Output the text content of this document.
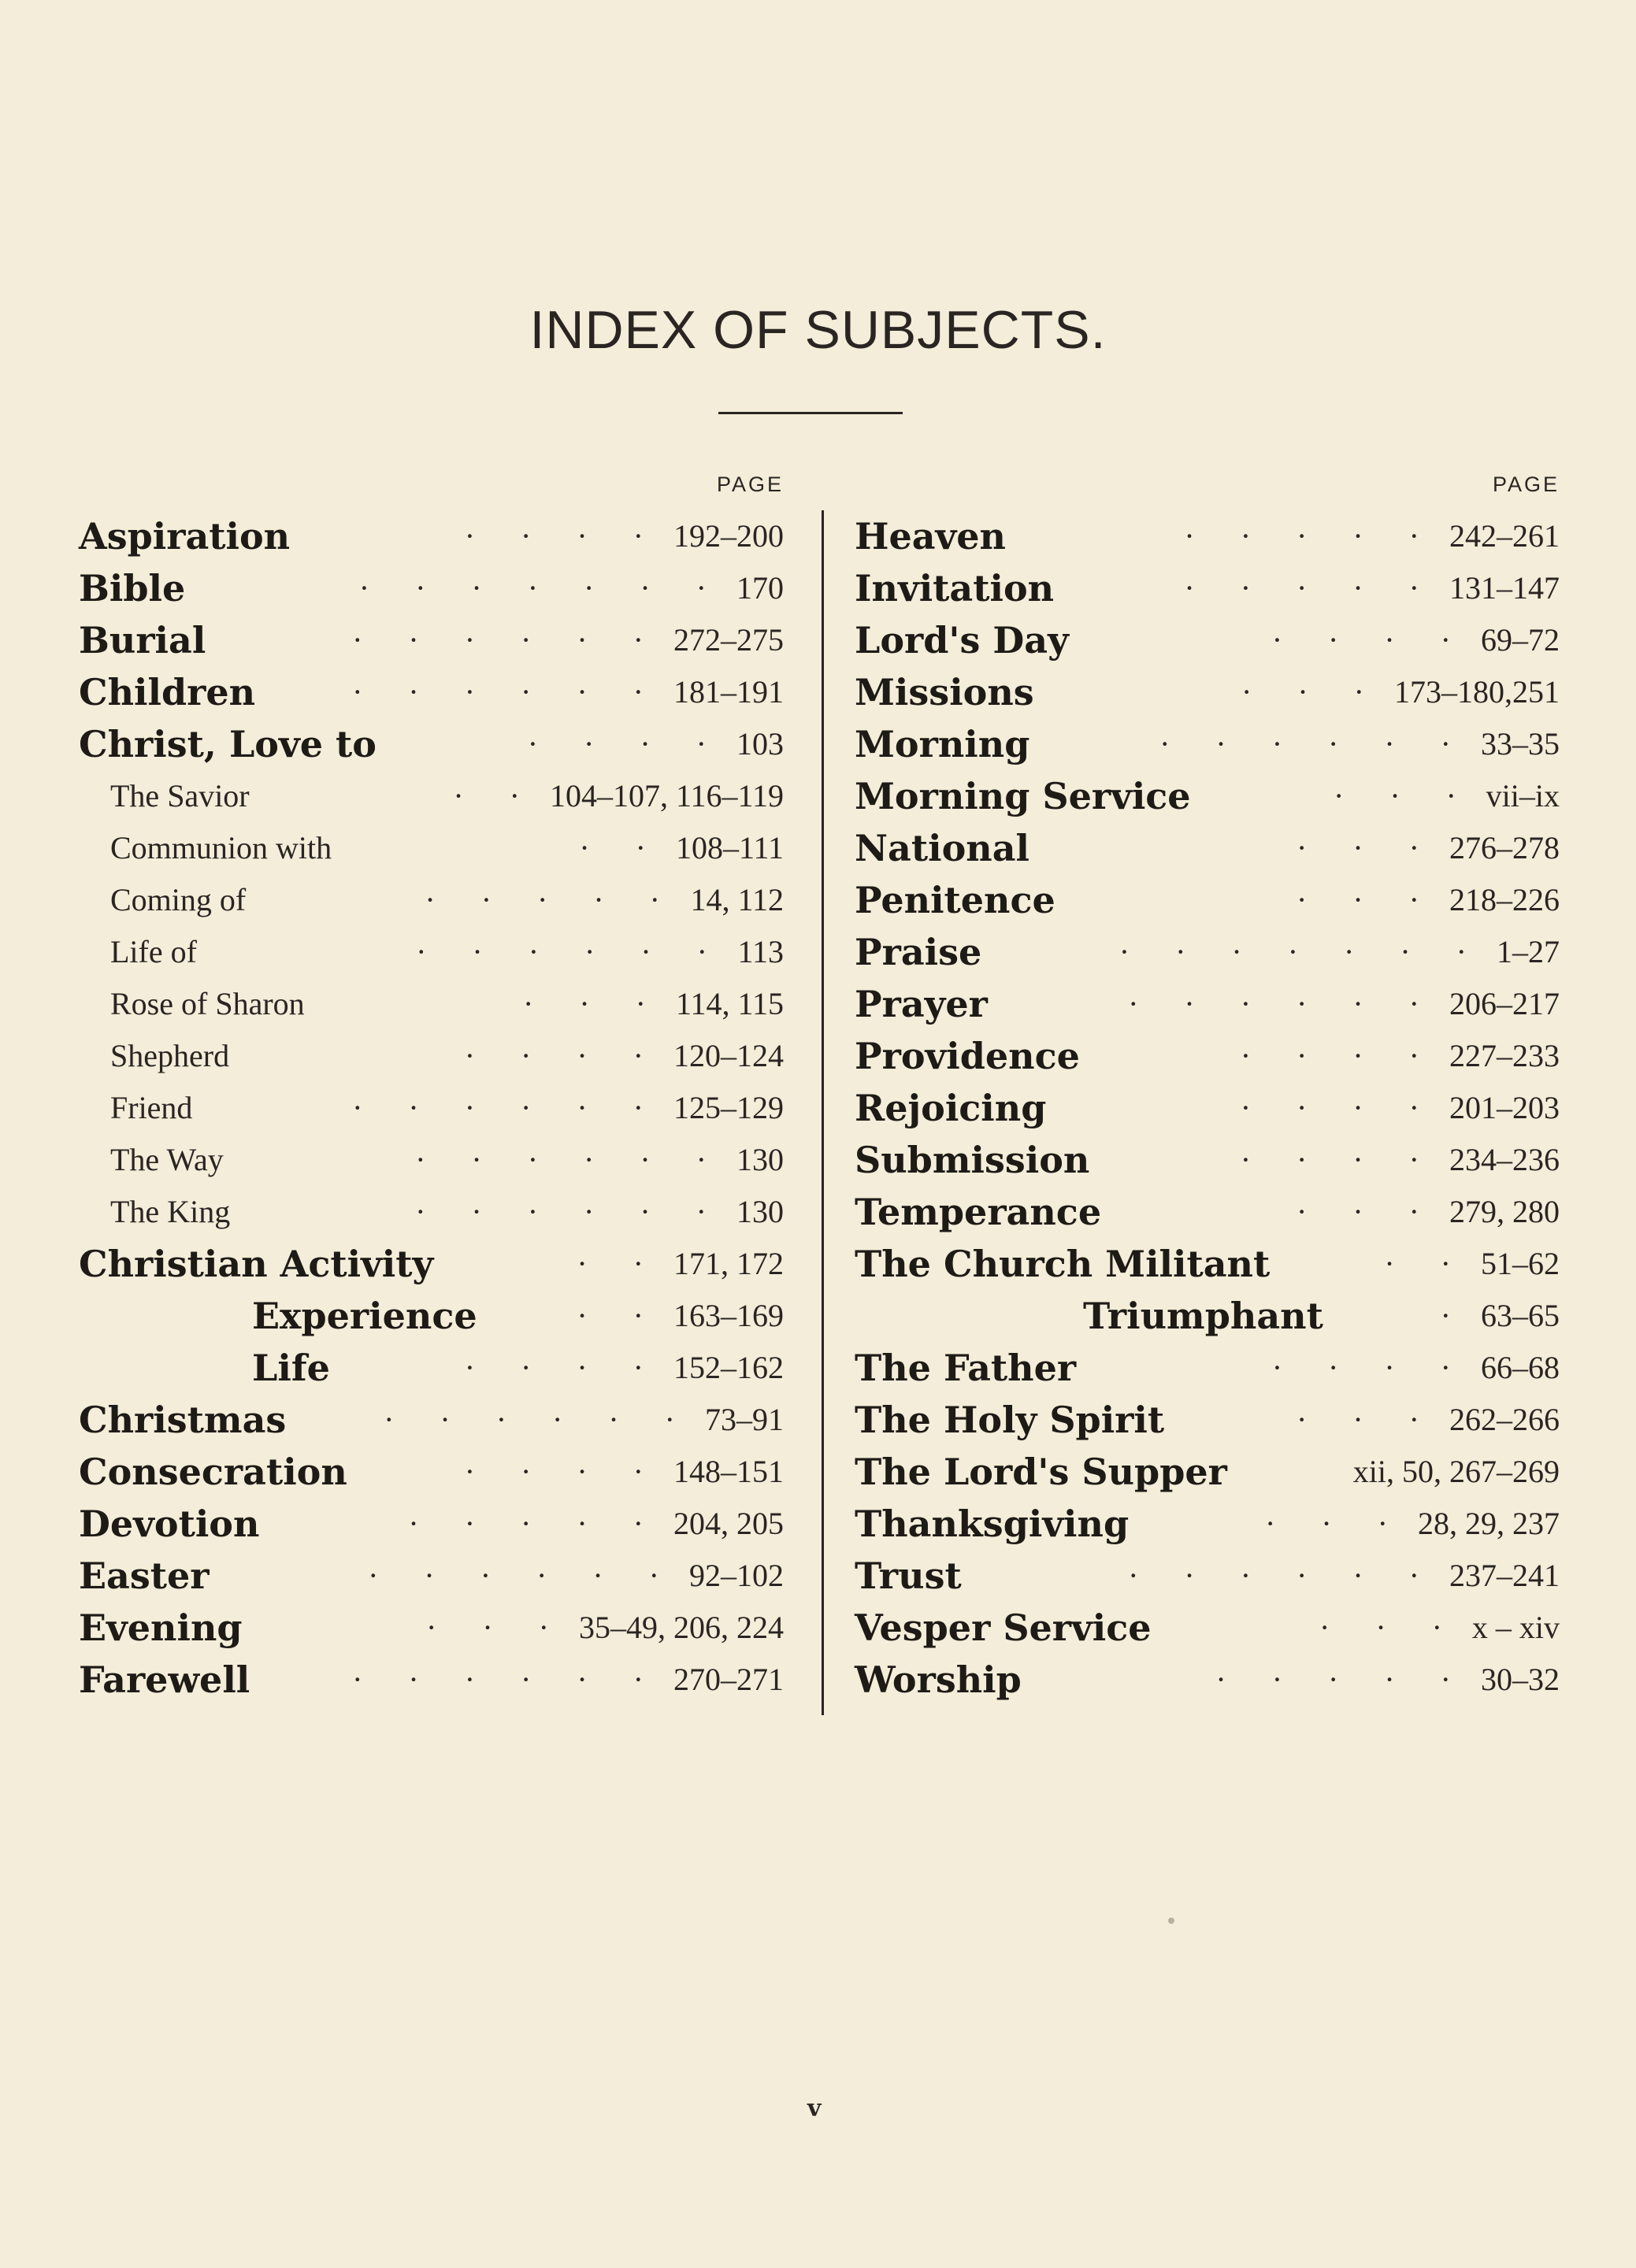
INDEX OF SUBJECTS.
PAGE
Aspiration	· · · · 192–200
Bible	· · · · · · · 170
Burial	· · · · · · 272–275
Children	· · · · · · 181–191
Christ, Love to	· · · · 103
The Savior	· · 104–107, 116–119
Communion with	· · 108–111
Coming of	· · · · · 14, 112
Life of	· · · · · · 113
Rose of Sharon	· · · 114, 115
Shepherd	· · · · 120–124
Friend	· · · · · · 125–129
The Way	· · · · · · 130
The King	· · · · · · 130
Christian Activity	· · 171, 172
Experience	· · 163–169
Life	· · · · 152–162
Christmas	· · · · · · 73–91
Consecration	· · · · 148–151
Devotion	· · · · · 204, 205
Easter	· · · · · · 92–102
Evening	· · · 35–49, 206, 224
Farewell	· · · · · · 270–271
PAGE
Heaven	· · · · · 242–261
Invitation	· · · · · 131–147
Lord's Day	· · · · 69–72
Missions	· · · 173–180,251
Morning	· · · · · · 33–35
Morning Service	· · · vii–ix
National	· · · 276–278
Penitence	· · · 218–226
Praise	· · · · · · · 1–27
Prayer	· · · · · · 206–217
Providence	· · · · 227–233
Rejoicing	· · · · 201–203
Submission	· · · · 234–236
Temperance	· · · 279, 280
The Church Militant	· · 51–62
Triumphant	· 63–65
The Father	· · · · 66–68
The Holy Spirit	· · · 262–266
The Lord's Supper	xii, 50, 267–269
Thanksgiving	· · · 28, 29, 237
Trust	· · · · · · 237–241
Vesper Service	· · · x – xiv
Worship	· · · · · 30–32
v
